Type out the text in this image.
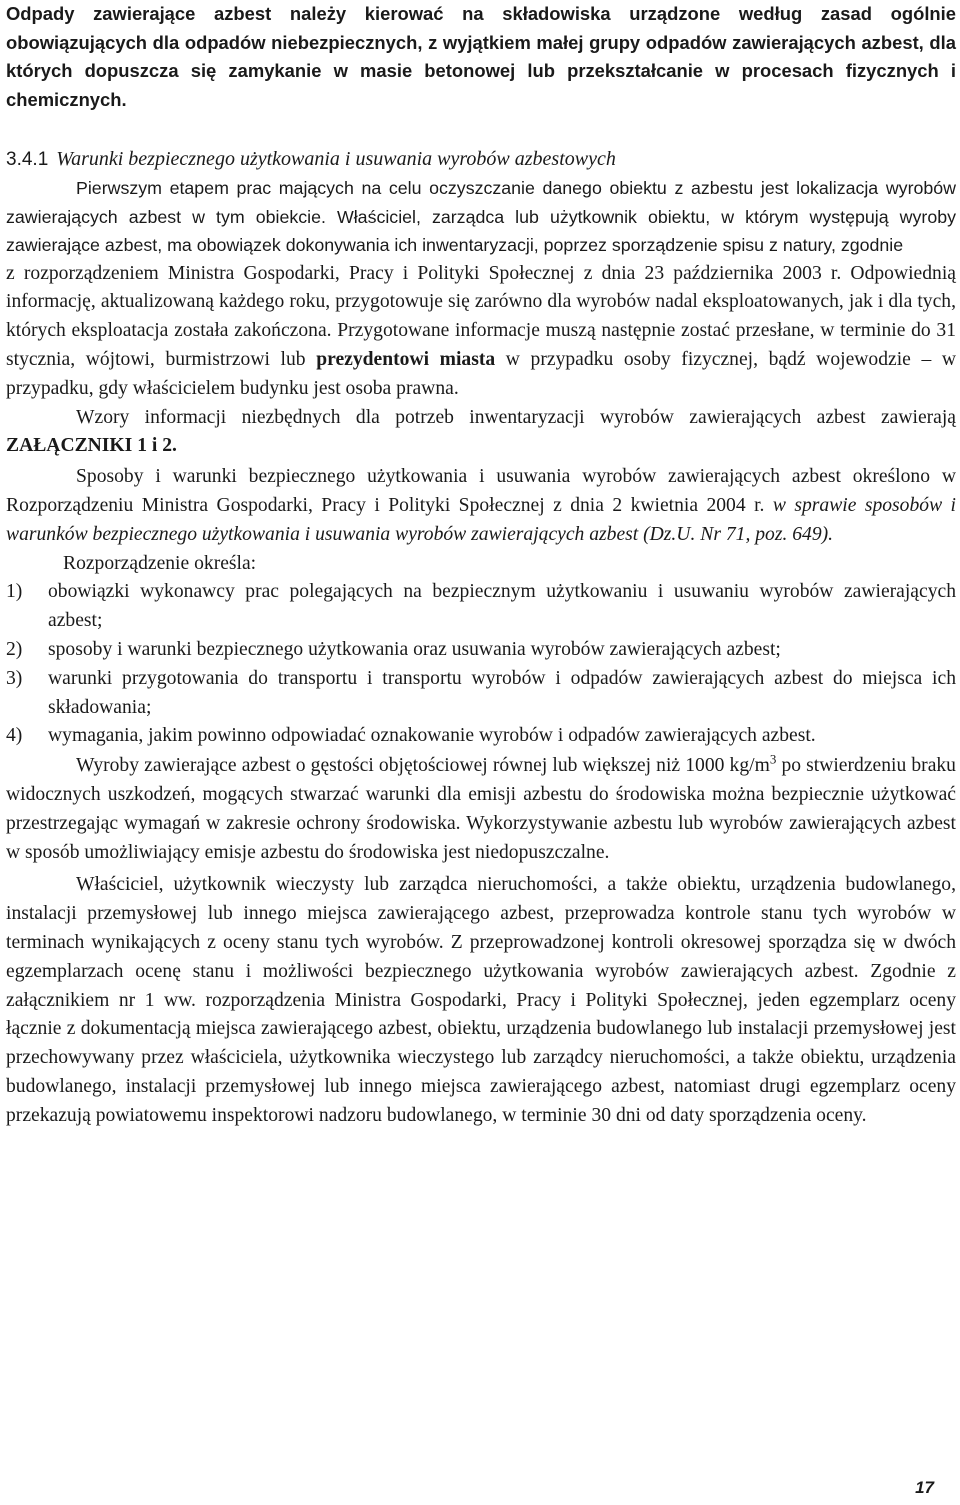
Odpady zawierające azbest należy kierować na składowiska urządzone według zasad ogólnie obowiązujących dla odpadów niebezpiecznych, z wyjątkiem małej grupy odpadów zawierających azbest, dla których dopuszcza się zamykanie w masie betonowej lub przekształcanie w procesach fizycznych i chemicznych.

3.4.1 Warunki bezpiecznego użytkowania i usuwania wyrobów azbestowych

Pierwszym etapem prac mających na celu oczyszczanie danego obiektu z azbestu jest lokalizacja wyrobów zawierających azbest w tym obiekcie. Właściciel, zarządca lub użytkownik obiektu, w którym występują wyroby zawierające azbest, ma obowiązek dokonywania ich inwentaryzacji, poprzez sporządzenie spisu z natury, zgodnie

z rozporządzeniem Ministra Gospodarki, Pracy i Polityki Społecznej z dnia 23 października 2003 r. Odpowiednią informację, aktualizowaną każdego roku, przygotowuje się zarówno dla wyrobów nadal eksploatowanych, jak i dla tych, których eksploatacja została zakończona. Przygotowane informacje muszą następnie zostać przesłane, w terminie do 31 stycznia, wójtowi, burmistrzowi lub prezydentowi miasta w przypadku osoby fizycznej, bądź wojewodzie – w przypadku, gdy właścicielem budynku jest osoba prawna.

Wzory informacji niezbędnych dla potrzeb inwentaryzacji wyrobów zawierających azbest zawierają ZAŁĄCZNIKI 1 i 2.

Sposoby i warunki bezpiecznego użytkowania i usuwania wyrobów zawierających azbest określono w Rozporządzeniu Ministra Gospodarki, Pracy i Polityki Społecznej z dnia 2 kwietnia 2004 r. w sprawie sposobów i warunków bezpiecznego użytkowania i usuwania wyrobów zawierających azbest (Dz.U. Nr 71, poz. 649).

Rozporządzenie określa:

1)	obowiązki wykonawcy prac polegających na bezpiecznym użytkowaniu i usuwaniu wyrobów zawierających azbest;
2)	sposoby i warunki bezpiecznego użytkowania oraz usuwania wyrobów zawierających azbest;
3)	warunki przygotowania do transportu i transportu wyrobów i odpadów zawierających azbest do miejsca ich składowania;
4)	wymagania, jakim powinno odpowiadać oznakowanie wyrobów i odpadów zawierających azbest.

Wyroby zawierające azbest o gęstości objętościowej równej lub większej niż 1000 $kg/m^3$ po stwierdzeniu braku widocznych uszkodzeń, mogących stwarzać warunki dla emisji azbestu do środowiska można bezpiecznie użytkować przestrzegając wymagań w zakresie ochrony środowiska. Wykorzystywanie azbestu lub wyrobów zawierających azbest w sposób umożliwiający emisje azbestu do środowiska jest niedopuszczalne.

Właściciel, użytkownik wieczysty lub zarządca nieruchomości, a także obiektu, urządzenia budowlanego, instalacji przemysłowej lub innego miejsca zawierającego azbest, przeprowadza kontrole stanu tych wyrobów w terminach wynikających z oceny stanu tych wyrobów. Z przeprowadzonej kontroli okresowej sporządza się w dwóch egzemplarzach ocenę stanu i możliwości bezpiecznego użytkowania wyrobów zawierających azbest. Zgodnie z załącznikiem nr 1 ww. rozporządzenia Ministra Gospodarki, Pracy i Polityki Społecznej, jeden egzemplarz oceny łącznie z dokumentacją miejsca zawierającego azbest, obiektu, urządzenia budowlanego lub instalacji przemysłowej jest przechowywany przez właściciela, użytkownika wieczystego lub zarządcy nieruchomości, a także obiektu, urządzenia budowlanego, instalacji przemysłowej lub innego miejsca zawierającego azbest, natomiast drugi egzemplarz oceny przekazują powiatowemu inspektorowi nadzoru budowlanego, w terminie 30 dni od daty sporządzenia oceny.

17
